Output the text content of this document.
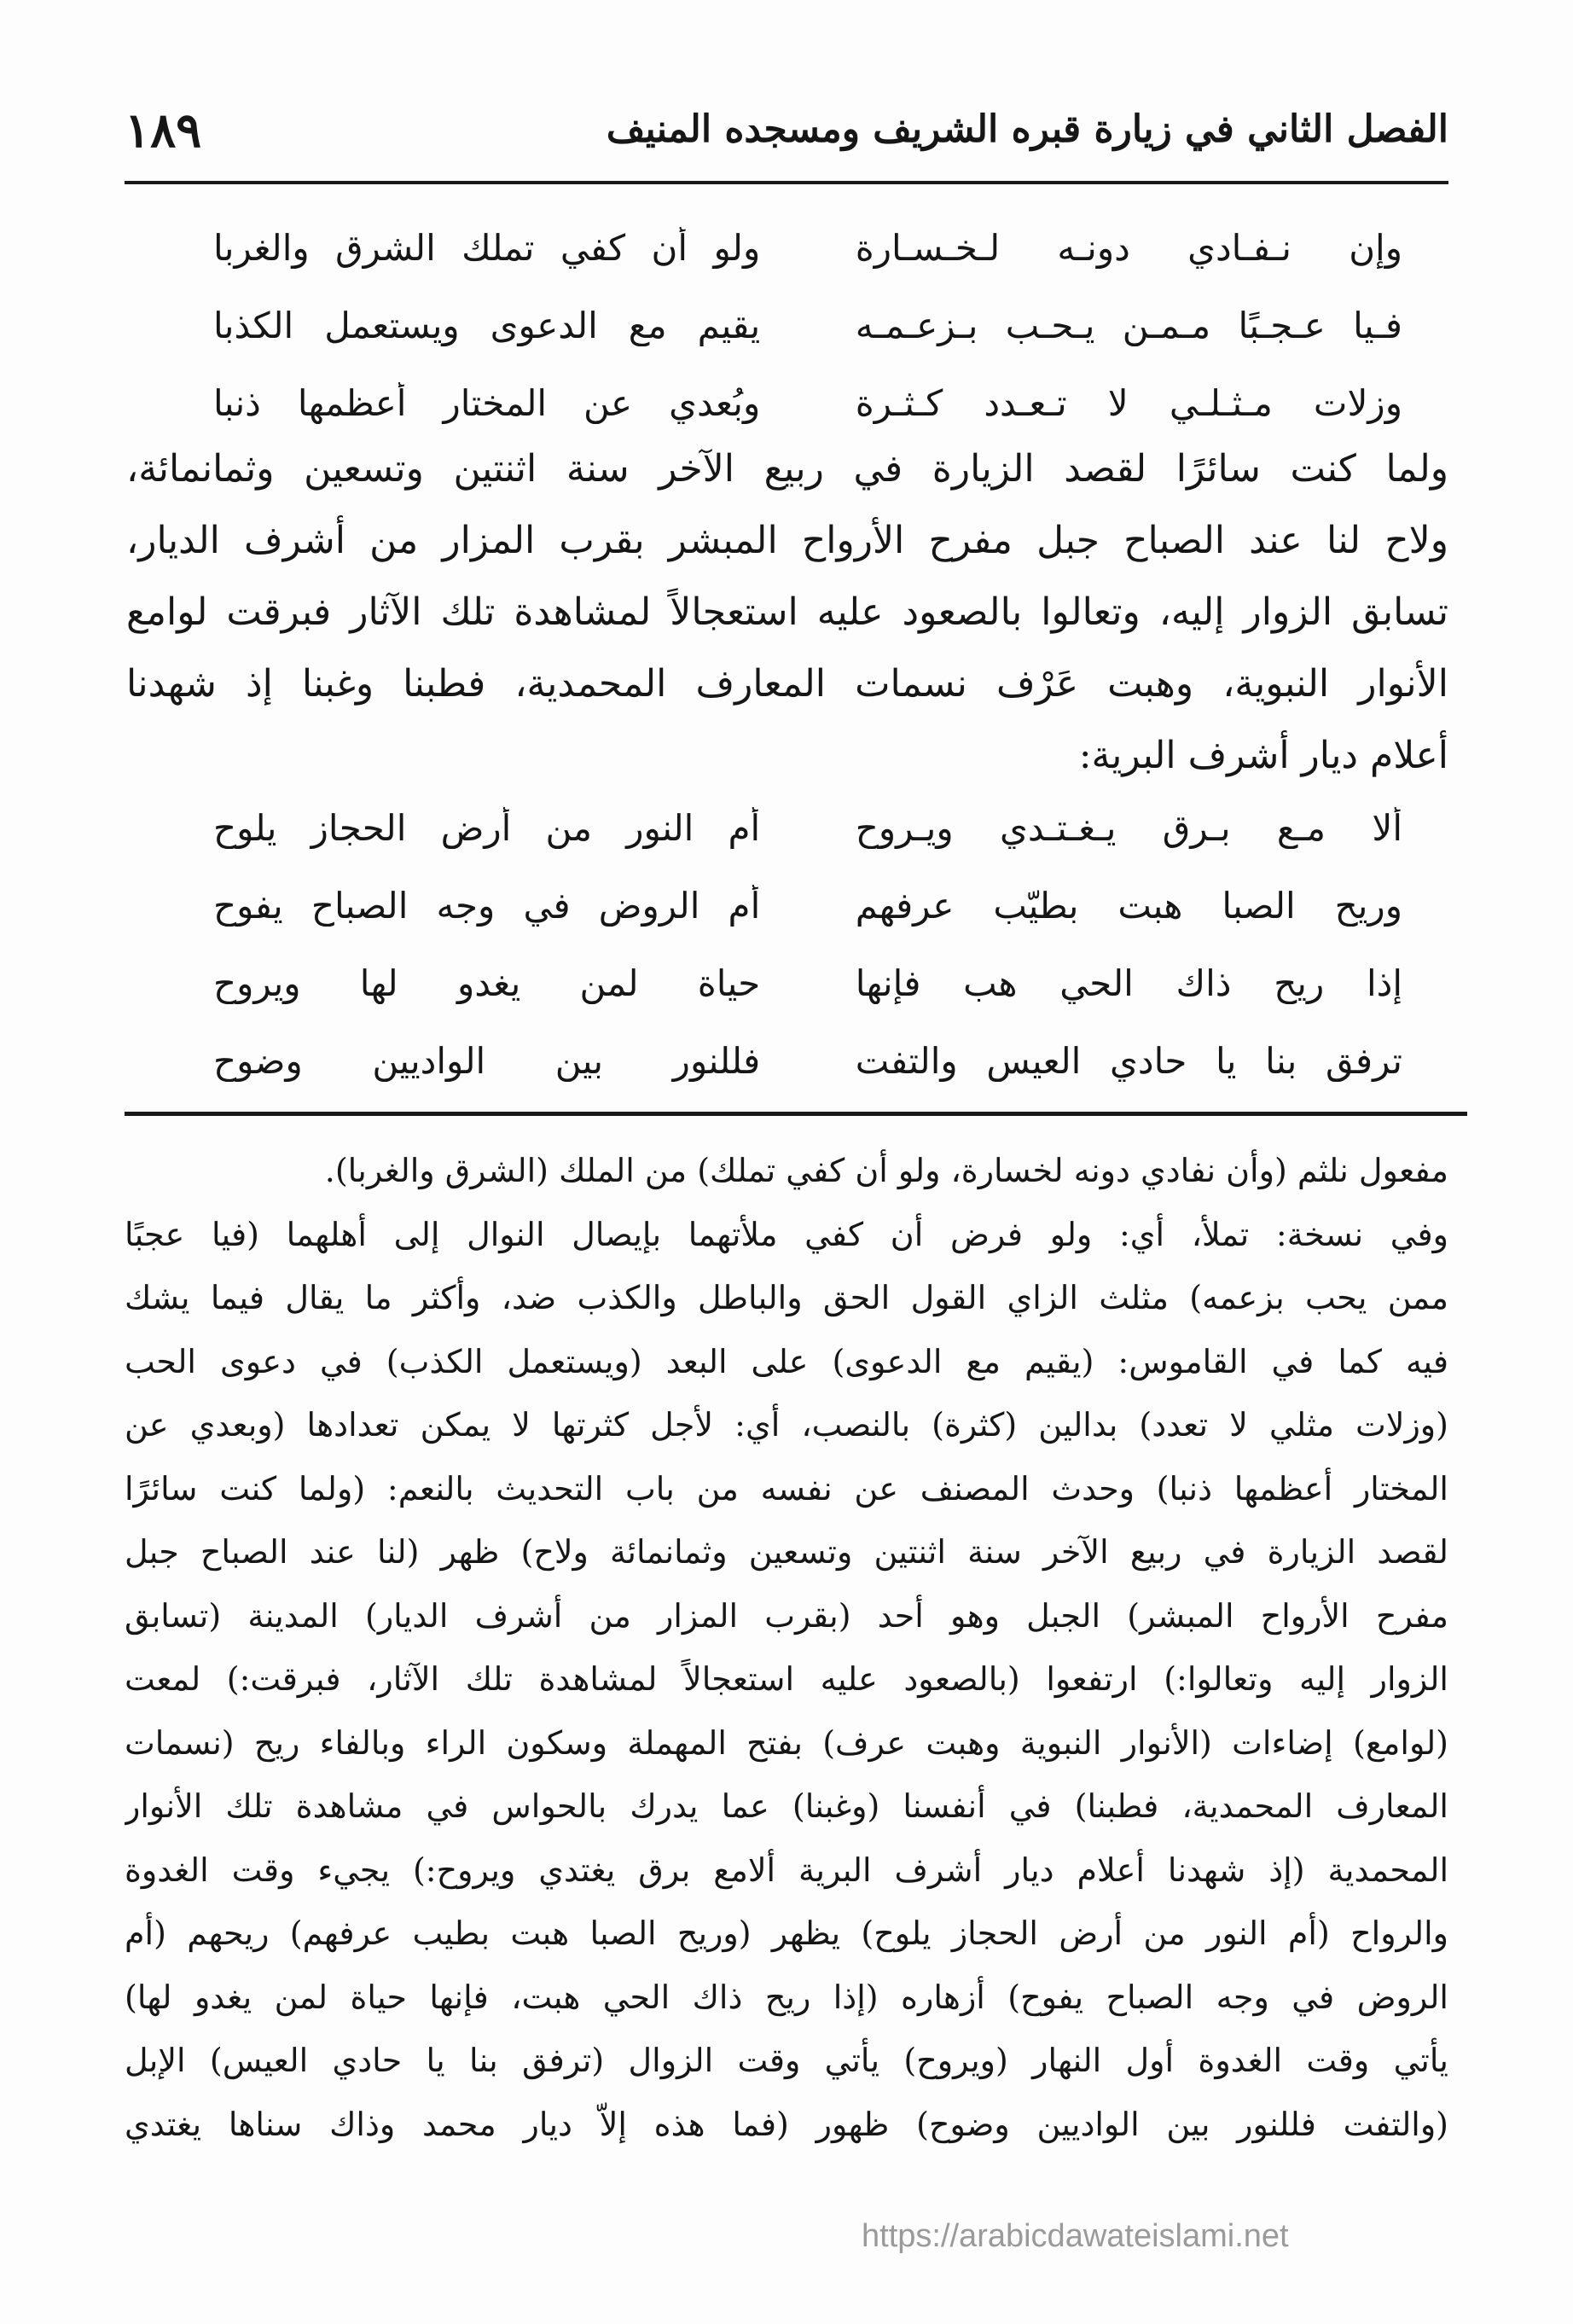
الفصل الثاني في زيارة قبره الشريف ومسجده المنيف
١٨٩
وإن نـفـادي دونـه لـخـسـارة
ولو أن كفي تملك الشرق والغربا
فـيا عـجـبًا مـمـن يـحـب بـزعـمـه
يقيم مع الدعوى ويستعمل الكذبا
وزلات مـثـلـي لا تـعـدد كـثـرة
وبُعدي عن المختار أعظمها ذنبا
ولما كنت سائرًا لقصد الزيارة في ربيع الآخر سنة اثنتين وتسعين وثمانمائة،
ولاح لنا عند الصباح جبل مفرح الأرواح المبشر بقرب المزار من أشرف الديار،
تسابق الزوار إليه، وتعالوا بالصعود عليه استعجالاً لمشاهدة تلك الآثار فبرقت لوامع
الأنوار النبوية، وهبت عَرْف نسمات المعارف المحمدية، فطبنا وغبنا إذ شهدنا
أعلام ديار أشرف البرية:
ألا مـع بـرق يـغـتـدي ويـروح
أم النور من أرض الحجاز يلوح
وريح الصبا هبت بطيّب عرفهم
أم الروض في وجه الصباح يفوح
إذا ريح ذاك الحي هب فإنها
حياة لمن يغدو لها ويروح
ترفق بنا يا حادي العيس والتفت
فللنور بين الواديين وضوح
مفعول نلثم (وأن نفادي دونه لخسارة، ولو أن كفي تملك) من الملك (الشرق والغربا).
وفي نسخة: تملأ، أي: ولو فرض أن كفي ملأتهما بإيصال النوال إلى أهلهما (فيا عجبًا
ممن يحب بزعمه) مثلث الزاي القول الحق والباطل والكذب ضد، وأكثر ما يقال فيما يشك
فيه كما في القاموس: (يقيم مع الدعوى) على البعد (ويستعمل الكذب) في دعوى الحب
(وزلات مثلي لا تعدد) بدالين (كثرة) بالنصب، أي: لأجل كثرتها لا يمكن تعدادها (وبعدي عن
المختار أعظمها ذنبا) وحدث المصنف عن نفسه من باب التحديث بالنعم: (ولما كنت سائرًا
لقصد الزيارة في ربيع الآخر سنة اثنتين وتسعين وثمانمائة ولاح) ظهر (لنا عند الصباح جبل
مفرح الأرواح المبشر) الجبل وهو أحد (بقرب المزار من أشرف الديار) المدينة (تسابق
الزوار إليه وتعالوا:) ارتفعوا (بالصعود عليه استعجالاً لمشاهدة تلك الآثار، فبرقت:) لمعت
(لوامع) إضاءات (الأنوار النبوية وهبت عرف) بفتح المهملة وسكون الراء وبالفاء ريح (نسمات
المعارف المحمدية، فطبنا) في أنفسنا (وغبنا) عما يدرك بالحواس في مشاهدة تلك الأنوار
المحمدية (إذ شهدنا أعلام ديار أشرف البرية ألامع برق يغتدي ويروح:) يجيء وقت الغدوة
والرواح (أم النور من أرض الحجاز يلوح) يظهر (وريح الصبا هبت بطيب عرفهم) ريحهم (أم
الروض في وجه الصباح يفوح) أزهاره (إذا ريح ذاك الحي هبت، فإنها حياة لمن يغدو لها)
يأتي وقت الغدوة أول النهار (ويروح) يأتي وقت الزوال (ترفق بنا يا حادي العيس) الإبل
(والتفت فللنور بين الواديين وضوح) ظهور (فما هذه إلاّ ديار محمد وذاك سناها يغتدي
https://arabicdawateislami.net
